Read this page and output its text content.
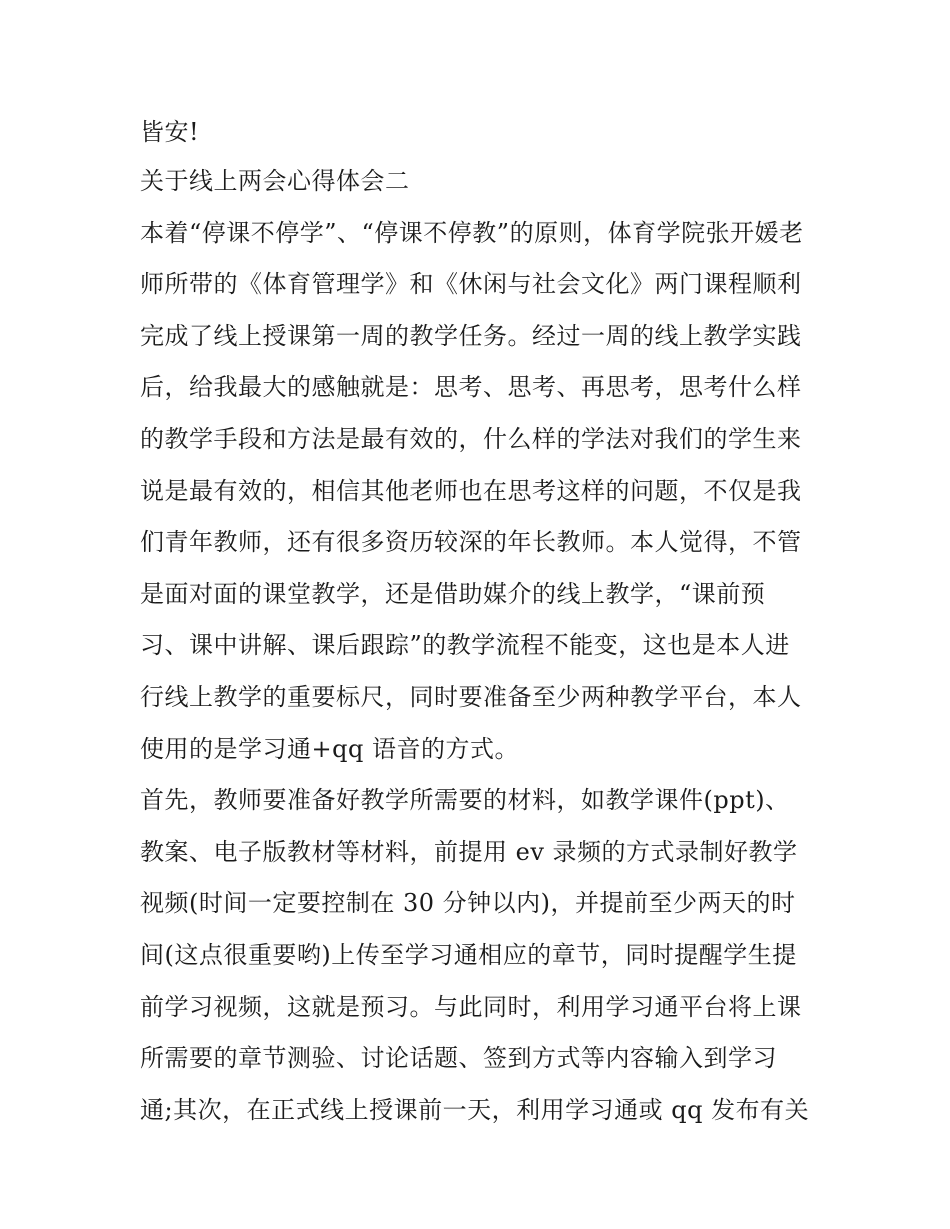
皆安!
关于线上两会心得体会二
本着“停课不停学”、“停课不停教”的原则，体育学院张开媛老
师所带的《体育管理学》和《休闲与社会文化》两门课程顺利
完成了线上授课第一周的教学任务。经过一周的线上教学实践
后，给我最大的感触就是：思考、思考、再思考，思考什么样
的教学手段和方法是最有效的，什么样的学法对我们的学生来
说是最有效的，相信其他老师也在思考这样的问题，不仅是我
们青年教师，还有很多资历较深的年长教师。本人觉得，不管
是面对面的课堂教学，还是借助媒介的线上教学，“课前预
习、课中讲解、课后跟踪”的教学流程不能变，这也是本人进
行线上教学的重要标尺，同时要准备至少两种教学平台，本人
使用的是学习通+qq 语音的方式。
首先，教师要准备好教学所需要的材料，如教学课件(ppt)、
教案、电子版教材等材料，前提用 ev 录频的方式录制好教学
视频(时间一定要控制在 30 分钟以内)，并提前至少两天的时
间(这点很重要哟)上传至学习通相应的章节，同时提醒学生提
前学习视频，这就是预习。与此同时，利用学习通平台将上课
所需要的章节测验、讨论话题、签到方式等内容输入到学习
通;其次，在正式线上授课前一天，利用学习通或 qq 发布有关
